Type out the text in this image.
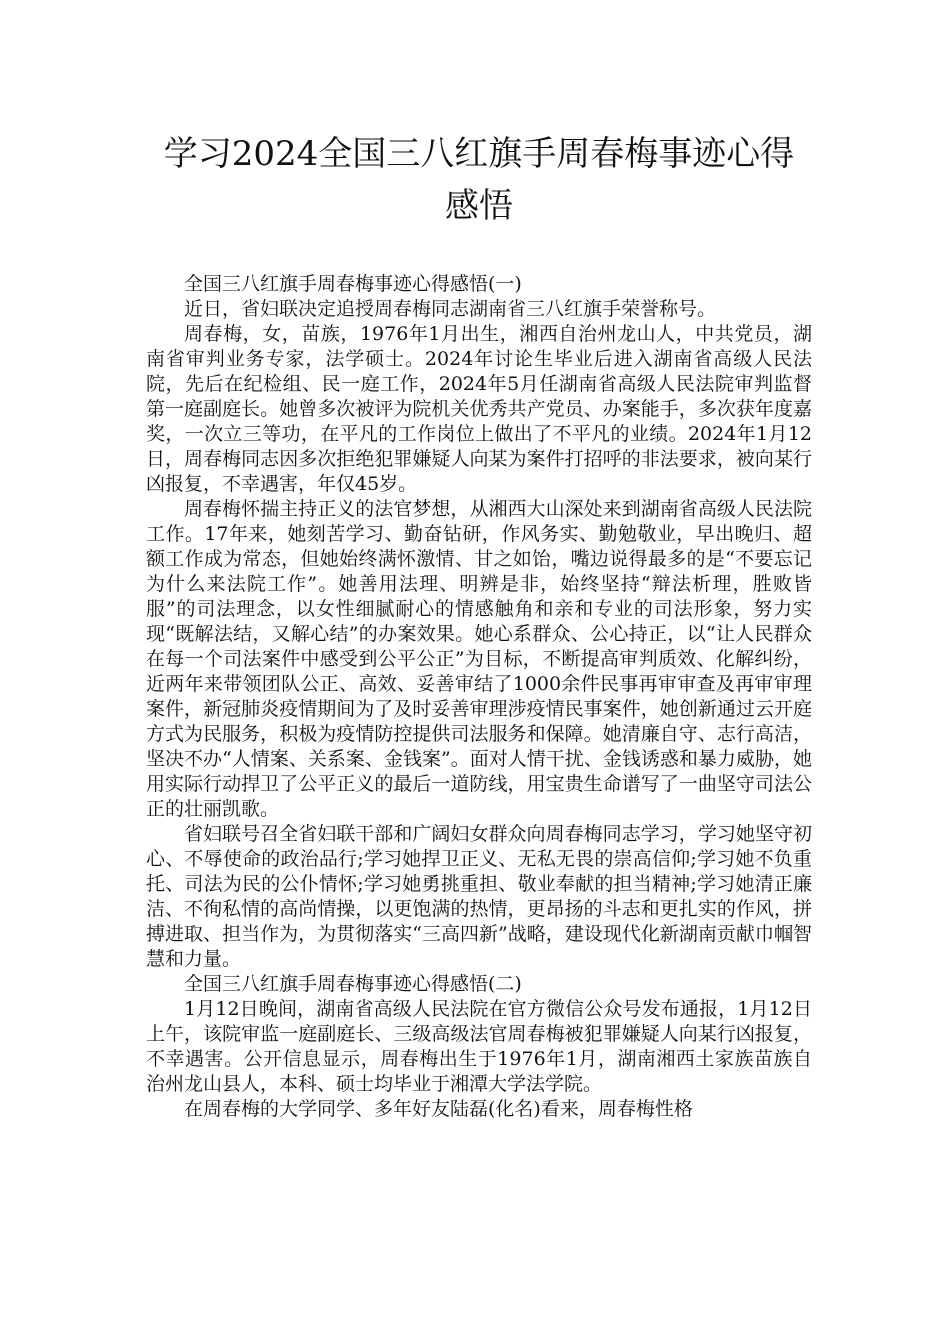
学习2024全国三八红旗手周春梅事迹心得
感悟

全国三八红旗手周春梅事迹心得感悟(一)

近日，省妇联决定追授周春梅同志湖南省三八红旗手荣誉称号。

周春梅，女，苗族，1976年1月出生，湘西自治州龙山人，中共党员，湖南省审判业务专家，法学硕士。2024年讨论生毕业后进入湖南省高级人民法院，先后在纪检组、民一庭工作，2024年5月任湖南省高级人民法院审判监督第一庭副庭长。她曾多次被评为院机关优秀共产党员、办案能手，多次获年度嘉奖，一次立三等功，在平凡的工作岗位上做出了不平凡的业绩。2024年1月12日，周春梅同志因多次拒绝犯罪嫌疑人向某为案件打招呼的非法要求，被向某行凶报复，不幸遇害，年仅45岁。

周春梅怀揣主持正义的法官梦想，从湘西大山深处来到湖南省高级人民法院工作。17年来，她刻苦学习、勤奋钻研，作风务实、勤勉敬业，早出晚归、超额工作成为常态，但她始终满怀激情、甘之如饴，嘴边说得最多的是“不要忘记为什么来法院工作”。她善用法理、明辨是非，始终坚持“辩法析理，胜败皆服”的司法理念，以女性细腻耐心的情感触角和亲和专业的司法形象，努力实现“既解法结，又解心结”的办案效果。她心系群众、公心持正，以“让人民群众在每一个司法案件中感受到公平公正”为目标，不断提高审判质效、化解纠纷，近两年来带领团队公正、高效、妥善审结了1000余件民事再审审查及再审审理案件，新冠肺炎疫情期间为了及时妥善审理涉疫情民事案件，她创新通过云开庭方式为民服务，积极为疫情防控提供司法服务和保障。她清廉自守、志行高洁，坚决不办“人情案、关系案、金钱案”。面对人情干扰、金钱诱惑和暴力威胁，她用实际行动捍卫了公平正义的最后一道防线，用宝贵生命谱写了一曲坚守司法公正的壮丽凯歌。

省妇联号召全省妇联干部和广阔妇女群众向周春梅同志学习，学习她坚守初心、不辱使命的政治品行;学习她捍卫正义、无私无畏的崇高信仰;学习她不负重托、司法为民的公仆情怀;学习她勇挑重担、敬业奉献的担当精神;学习她清正廉洁、不徇私情的高尚情操，以更饱满的热情，更昂扬的斗志和更扎实的作风，拼搏进取、担当作为，为贯彻落实“三高四新”战略，建设现代化新湖南贡献巾帼智慧和力量。

全国三八红旗手周春梅事迹心得感悟(二)

1月12日晚间，湖南省高级人民法院在官方微信公众号发布通报，1月12日上午，该院审监一庭副庭长、三级高级法官周春梅被犯罪嫌疑人向某行凶报复，不幸遇害。公开信息显示，周春梅出生于1976年1月，湖南湘西土家族苗族自治州龙山县人，本科、硕士均毕业于湘潭大学法学院。

在周春梅的大学同学、多年好友陆磊(化名)看来，周春梅性格
